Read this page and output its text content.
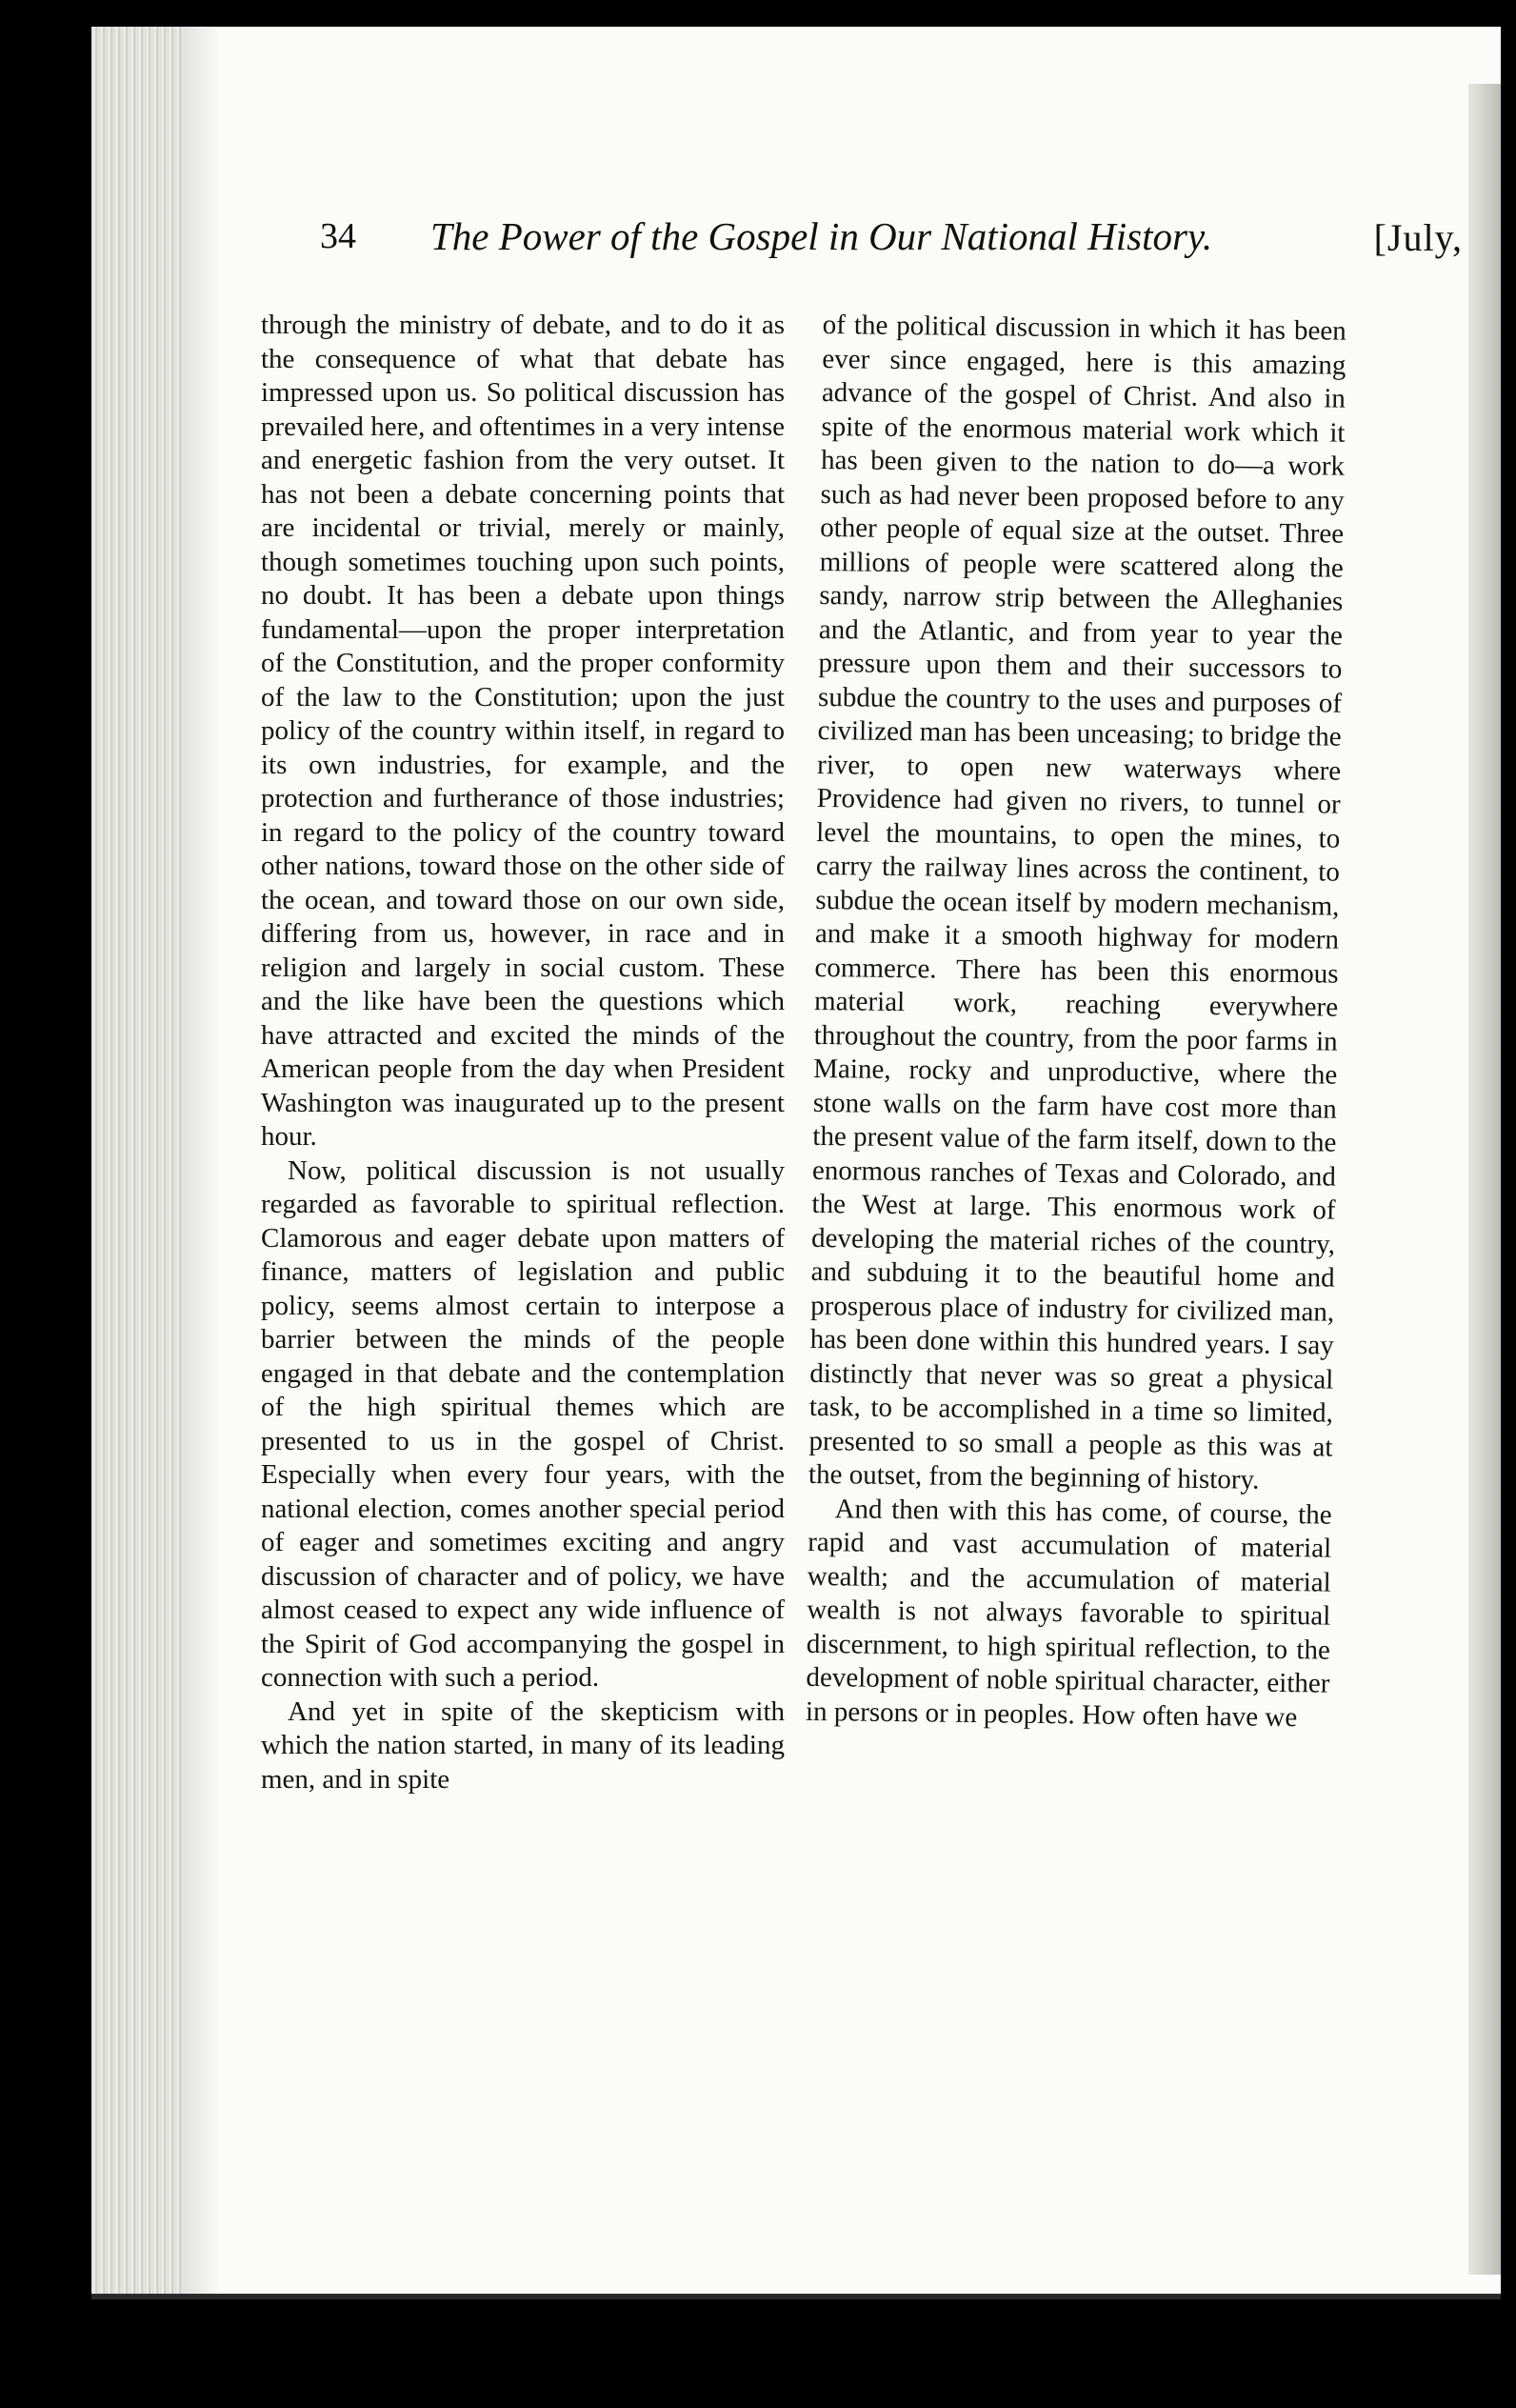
34 The Power of the Gospel in Our National History.	[July,

through the ministry of debate, and to do it as the consequence of what that debate has impressed upon us. So political discussion has prevailed here, and oftentimes in a very intense and energetic fashion from the very outset. It has not been a debate concerning points that are incidental or trivial, merely or mainly, though sometimes touching upon such points, no doubt. It has been a debate upon things fundamental—upon the proper interpretation of the Constitution, and the proper conformity of the law to the Constitution; upon the just policy of the country within itself, in regard to its own industries, for example, and the protection and furtherance of those industries; in regard to the policy of the country toward other nations, toward those on the other side of the ocean, and toward those on our own side, differing from us, however, in race and in religion and largely in social custom. These and the like have been the questions which have attracted and excited the minds of the American people from the day when President Washington was inaugurated up to the present hour.

Now, political discussion is not usually regarded as favorable to spiritual reflection. Clamorous and eager debate upon matters of finance, matters of legislation and public policy, seems almost certain to interpose a barrier between the minds of the people engaged in that debate and the contemplation of the high spiritual themes which are presented to us in the gospel of Christ. Especially when every four years, with the national election, comes another special period of eager and sometimes exciting and angry discussion of character and of policy, we have almost ceased to expect any wide influence of the Spirit of God accompanying the gospel in connection with such a period.

And yet in spite of the skepticism with which the nation started, in many of its leading men, and in spite

of the political discussion in which it has been ever since engaged, here is this amazing advance of the gospel of Christ. And also in spite of the enormous material work which it has been given to the nation to do—a work such as had never been proposed before to any other people of equal size at the outset. Three millions of people were scattered along the sandy, narrow strip between the Alleghanies and the Atlantic, and from year to year the pressure upon them and their successors to subdue the country to the uses and purposes of civilized man has been unceasing; to bridge the river, to open new waterways where Providence had given no rivers, to tunnel or level the mountains, to open the mines, to carry the railway lines across the continent, to subdue the ocean itself by modern mechanism, and make it a smooth highway for modern commerce. There has been this enormous material work, reaching everywhere throughout the country, from the poor farms in Maine, rocky and unproductive, where the stone walls on the farm have cost more than the present value of the farm itself, down to the enormous ranches of Texas and Colorado, and the West at large. This enormous work of developing the material riches of the country, and subduing it to the beautiful home and prosperous place of industry for civilized man, has been done within this hundred years. I say distinctly that never was so great a physical task, to be accomplished in a time so limited, presented to so small a people as this was at the outset, from the beginning of history.

And then with this has come, of course, the rapid and vast accumulation of material wealth; and the accumulation of material wealth is not always favorable to spiritual discernment, to high spiritual reflection, to the development of noble spiritual character, either in persons or in peoples. How often have we
